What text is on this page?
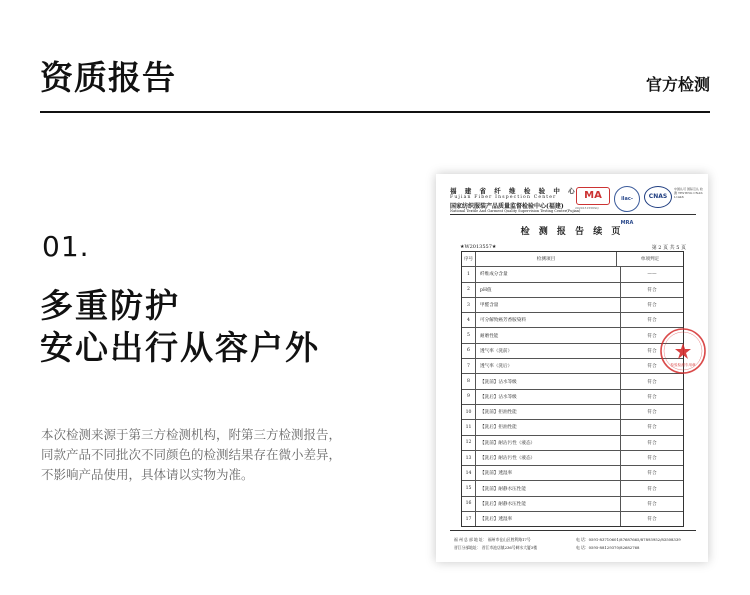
资质报告	官方检测
01.
多重防护
安心出行从容户外
本次检测来源于第三方检测机构，附第三方检测报告，
同款产品不同批次不同颜色的检测结果存在微小差异，
不影响产品使用，具体请以实物为准。
福 建 省 纤 维 检 验 中 心
Fujian Fiber Inspection Center
国家纺织服装产品质量监督检验中心(福建)
National Textile And Garment Quality Supervision Testing Center(Fujian)
MA
2020131556SQ
ilac-MRA
CNAS
中国认可 国际互认 检测 TESTING CNAS L1446
检 测 报 告 续 页
★W2013557★	第 2 页 共 5 页
序号	检测项目	单项判定
1	纤维成分含量	——
2	pH值	符合
3	甲醛含量	符合
4	可分解致癌芳香胺染料	符合
5	耐磨性能	符合
6	透气率（洗前）	符合
7	透气率（洗后）	符合
8	【洗前】沾水等级	符合
9	【洗后】沾水等级	符合
10	【洗前】拒油性能	符合
11	【洗后】拒油性能	符合
12	【洗前】耐沾污性（液态）	符合
13	【洗后】耐沾污性（液态）	符合
14	【洗前】透湿率	符合
15	【洗前】耐静水压性能	符合
16	【洗后】耐静水压性能	符合
17	【洗后】透湿率	符合
检验检测专用章
福 州 总 部 地 址： 福州市仓山区胜利路17号
晋江分部地址： 晋江市池店镇236号刺水大厦3楼
电 话：0591-83710601/87687665/87893952/83508339
电 话：0595-88129370/82682768
